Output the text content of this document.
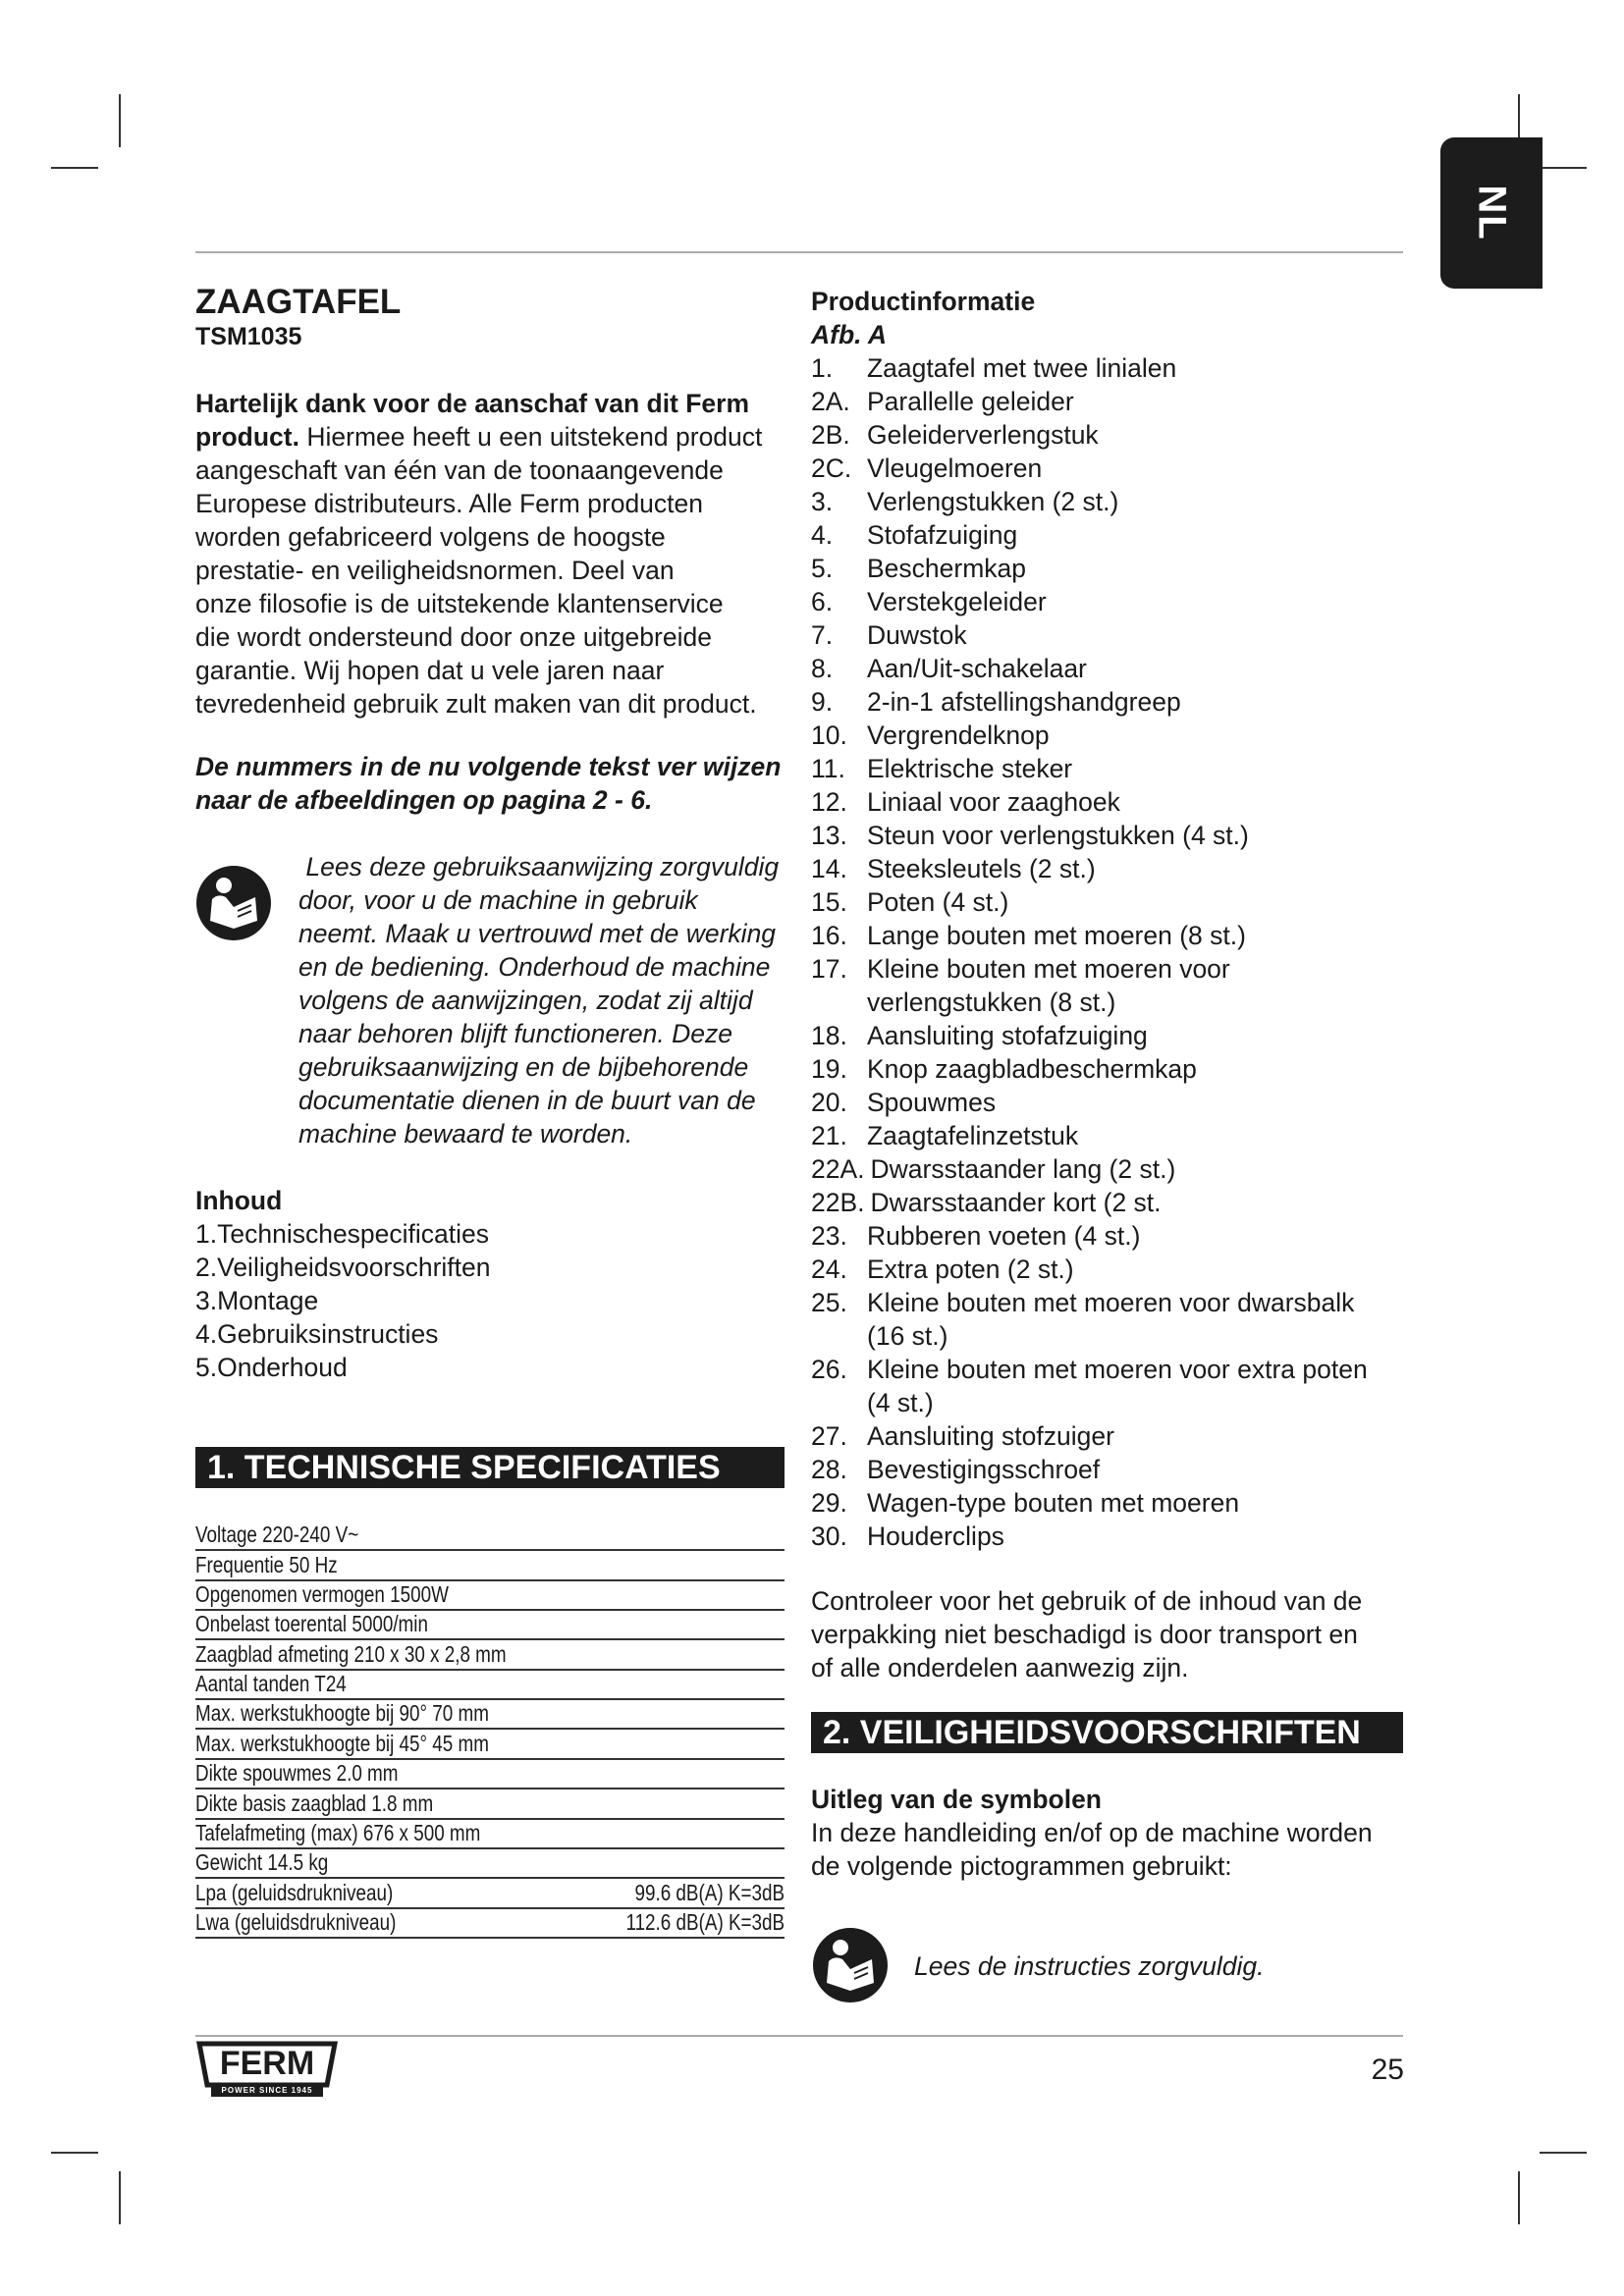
NL
ZAAGTAFEL
TSM1035
Hartelijk dank voor de aanschaf van dit Ferm
product. Hiermee heeft u een uitstekend product
aangeschaft van één van de toonaangevende
Europese distributeurs. Alle Ferm producten
worden gefabriceerd volgens de hoogste
prestatie- en veiligheidsnormen. Deel van
onze filosofie is de uitstekende klantenservice
die wordt ondersteund door onze uitgebreide
garantie. Wij hopen dat u vele jaren naar
tevredenheid gebruik zult maken van dit product.
De nummers in de nu volgende tekst ver wijzen
naar de afbeeldingen op pagina 2 - 6.
Lees deze gebruiksaanwijzing zorgvuldig
door, voor u de machine in gebruik
neemt. Maak u vertrouwd met de werking
en de bediening. Onderhoud de machine
volgens de aanwijzingen, zodat zij altijd
naar behoren blijft functioneren. Deze
gebruiksaanwijzing en de bijbehorende
documentatie dienen in de buurt van de
machine bewaard te worden.
Inhoud
1.Technischespecificaties
2.Veiligheidsvoorschriften
3.Montage
4.Gebruiksinstructies
5.Onderhoud
1. TECHNISCHE SPECIFICATIES
Voltage 220-240 V~
Frequentie 50 Hz
Opgenomen vermogen 1500W
Onbelast toerental 5000/min
Zaagblad afmeting 210 x 30 x 2,8 mm
Aantal tanden T24
Max. werkstukhoogte bij 90° 70 mm
Max. werkstukhoogte bij 45° 45 mm
Dikte spouwmes 2.0 mm
Dikte basis zaagblad 1.8 mm
Tafelafmeting (max) 676 x 500 mm
Gewicht 14.5 kg
Lpa (geluidsdrukniveau)	99.6 dB(A) K=3dB
Lwa (geluidsdrukniveau)	112.6 dB(A) K=3dB
Productinformatie
Afb. A
1.	Zaagtafel met twee linialen
2A. Parallelle geleider
2B. Geleiderverlengstuk
2C. Vleugelmoeren
3.	Verlengstukken (2 st.)
4.	Stofafzuiging
5.	Beschermkap
6.	Verstekgeleider
7.	Duwstok
8.	Aan/Uit-schakelaar
9.	2-in-1 afstellingshandgreep
10. Vergrendelknop
11. Elektrische steker
12. Liniaal voor zaaghoek
13. Steun voor verlengstukken (4 st.)
14. Steeksleutels (2 st.)
15. Poten (4 st.)
16. Lange bouten met moeren (8 st.)
17. Kleine bouten met moeren voor
verlengstukken (8 st.)
18. Aansluiting stofafzuiging
19. Knop zaagbladbeschermkap
20. Spouwmes
21. Zaagtafelinzetstuk
22A. Dwarsstaander lang (2 st.)
22B. Dwarsstaander kort (2 st.
23. Rubberen voeten (4 st.)
24. Extra poten (2 st.)
25. Kleine bouten met moeren voor dwarsbalk
(16 st.)
26. Kleine bouten met moeren voor extra poten
(4 st.)
27. Aansluiting stofzuiger
28. Bevestigingsschroef
29. Wagen-type bouten met moeren
30. Houderclips
Controleer voor het gebruik of de inhoud van de
verpakking niet beschadigd is door transport en
of alle onderdelen aanwezig zijn.
2. VEILIGHEIDSVOORSCHRIFTEN
Uitleg van de symbolen
In deze handleiding en/of op de machine worden
de volgende pictogrammen gebruikt:
Lees de instructies zorgvuldig.
FERM
POWER SINCE 1945
25
